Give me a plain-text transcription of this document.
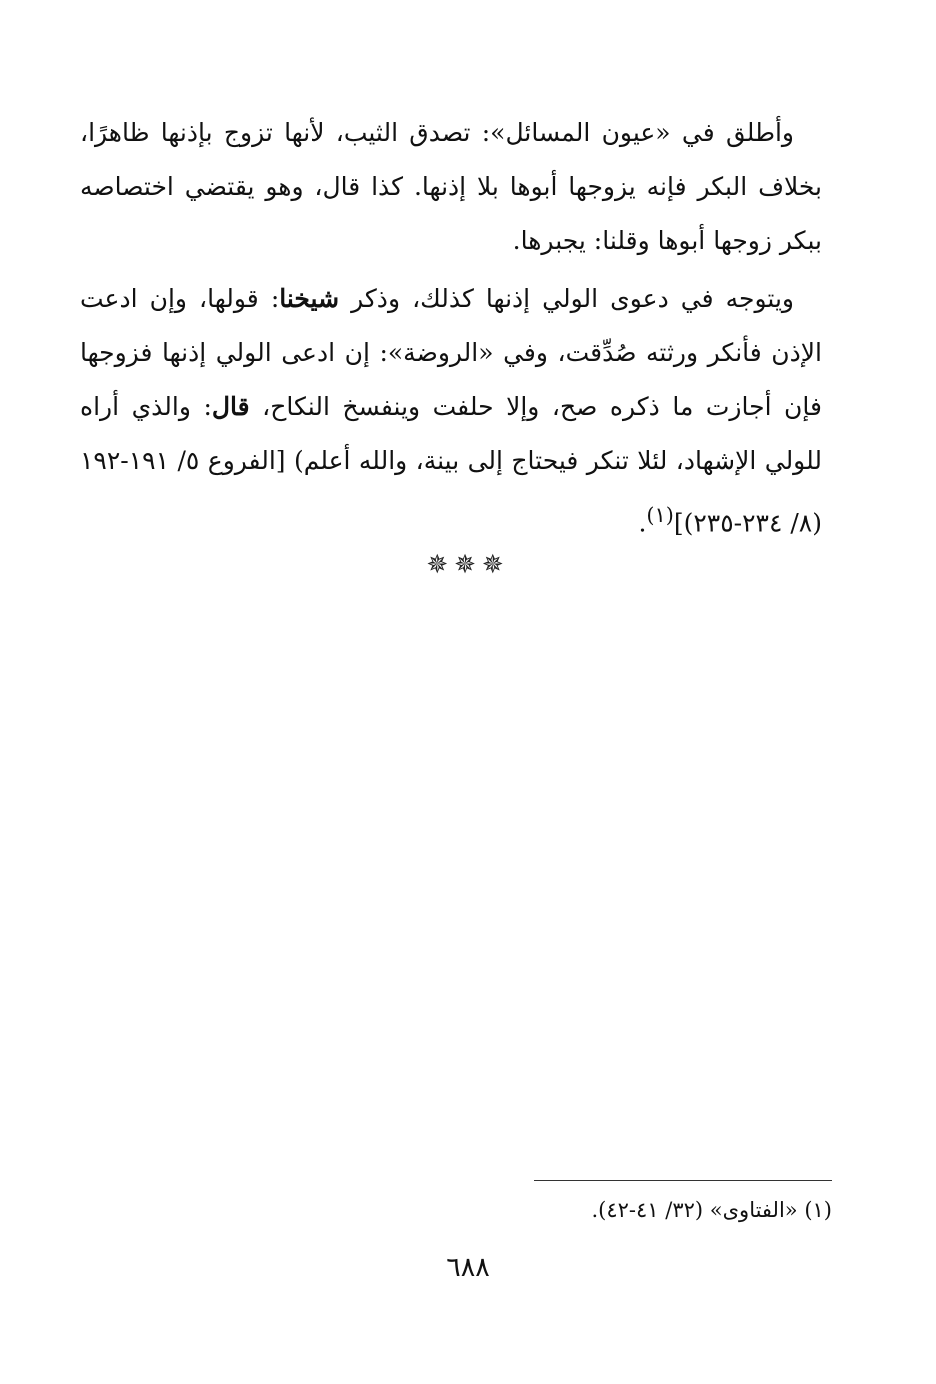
وأطلق في «عيون المسائل»: تصدق الثيب، لأنها تزوج بإذنها ظاهرًا، بخلاف البكر فإنه يزوجها أبوها بلا إذنها. كذا قال، وهو يقتضي اختصاصه ببكر زوجها أبوها وقلنا: يجبرها.

ويتوجه في دعوى الولي إذنها كذلك، وذكر شيخنا: قولها، وإن ادعت الإذن فأنكر ورثته صُدِّقت، وفي «الروضة»: إن ادعى الولي إذنها فزوجها فإن أجازت ما ذكره صح، وإلا حلفت وينفسخ النكاح، قال: والذي أراه للولي الإشهاد، لئلا تنكر فيحتاج إلى بينة، والله أعلم) [الفروع ٥/ ١٩١-١٩٢ (٨/ ٢٣٤-٢٣٥)]$^{(١)}$.

✵✵✵

(١) «الفتاوى» (٣٢/ ٤١-٤٢).

٦٨٨
